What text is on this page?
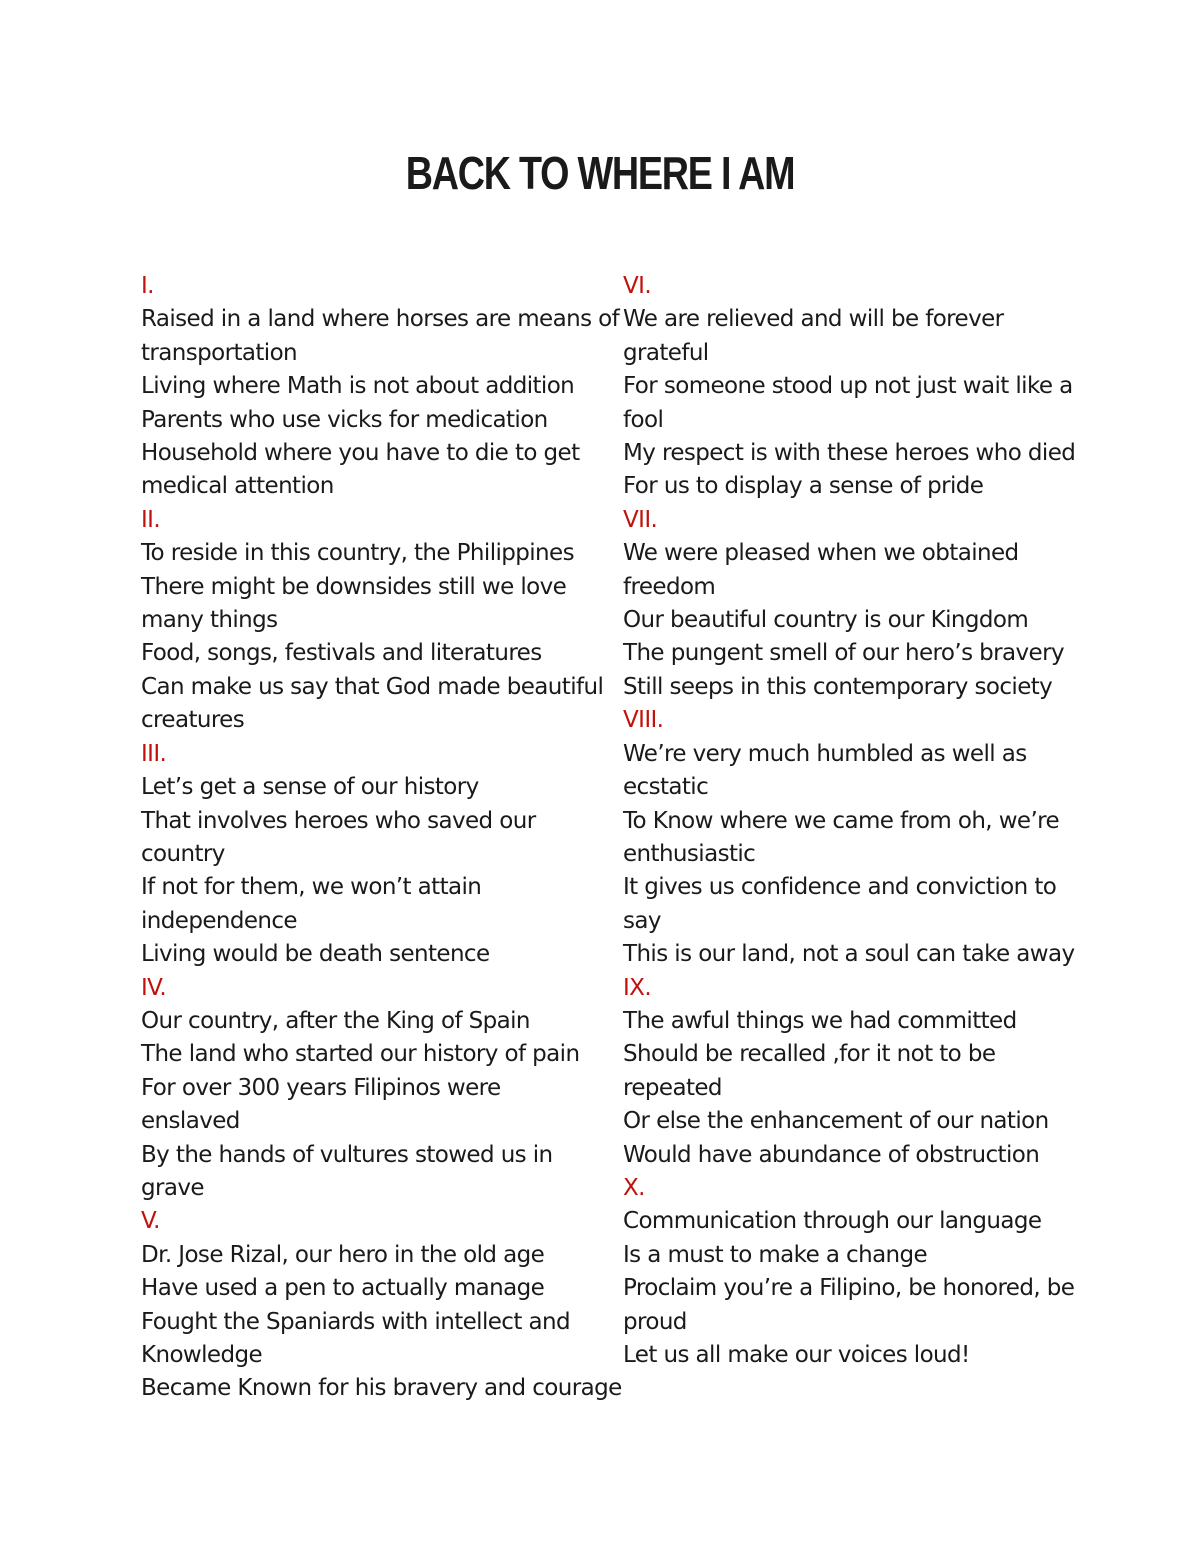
BACK TO WHERE I AM
I.
Raised in a land where horses are means of
transportation
Living where Math is not about addition
Parents who use vicks for medication
Household where you have to die to get
medical attention
II.
To reside in this country, the Philippines
There might be downsides still we love
many things
Food, songs, festivals and literatures
Can make us say that God made beautiful
creatures
III.
Let’s get a sense of our history
That involves heroes who saved our
country
If not for them, we won’t attain
independence
Living would be death sentence
IV.
Our country, after the King of Spain
The land who started our history of pain
For over 300 years Filipinos were
enslaved
By the hands of vultures stowed us in
grave
V.
Dr. Jose Rizal, our hero in the old age
Have used a pen to actually manage
Fought the Spaniards with intellect and
Knowledge
Became Known for his bravery and courage
VI.
We are relieved and will be forever
grateful
For someone stood up not just wait like a
fool
My respect is with these heroes who died
For us to display a sense of pride
VII.
We were pleased when we obtained
freedom
Our beautiful country is our Kingdom
The pungent smell of our hero’s bravery
Still seeps in this contemporary society
VIII.
We’re very much humbled as well as
ecstatic
To Know where we came from oh, we’re
enthusiastic
It gives us confidence and conviction to
say
This is our land, not a soul can take away
IX.
The awful things we had committed
Should be recalled ,for it not to be
repeated
Or else the enhancement of our nation
Would have abundance of obstruction
X.
Communication through our language
Is a must to make a change
Proclaim you’re a Filipino, be honored, be
proud
Let us all make our voices loud!
